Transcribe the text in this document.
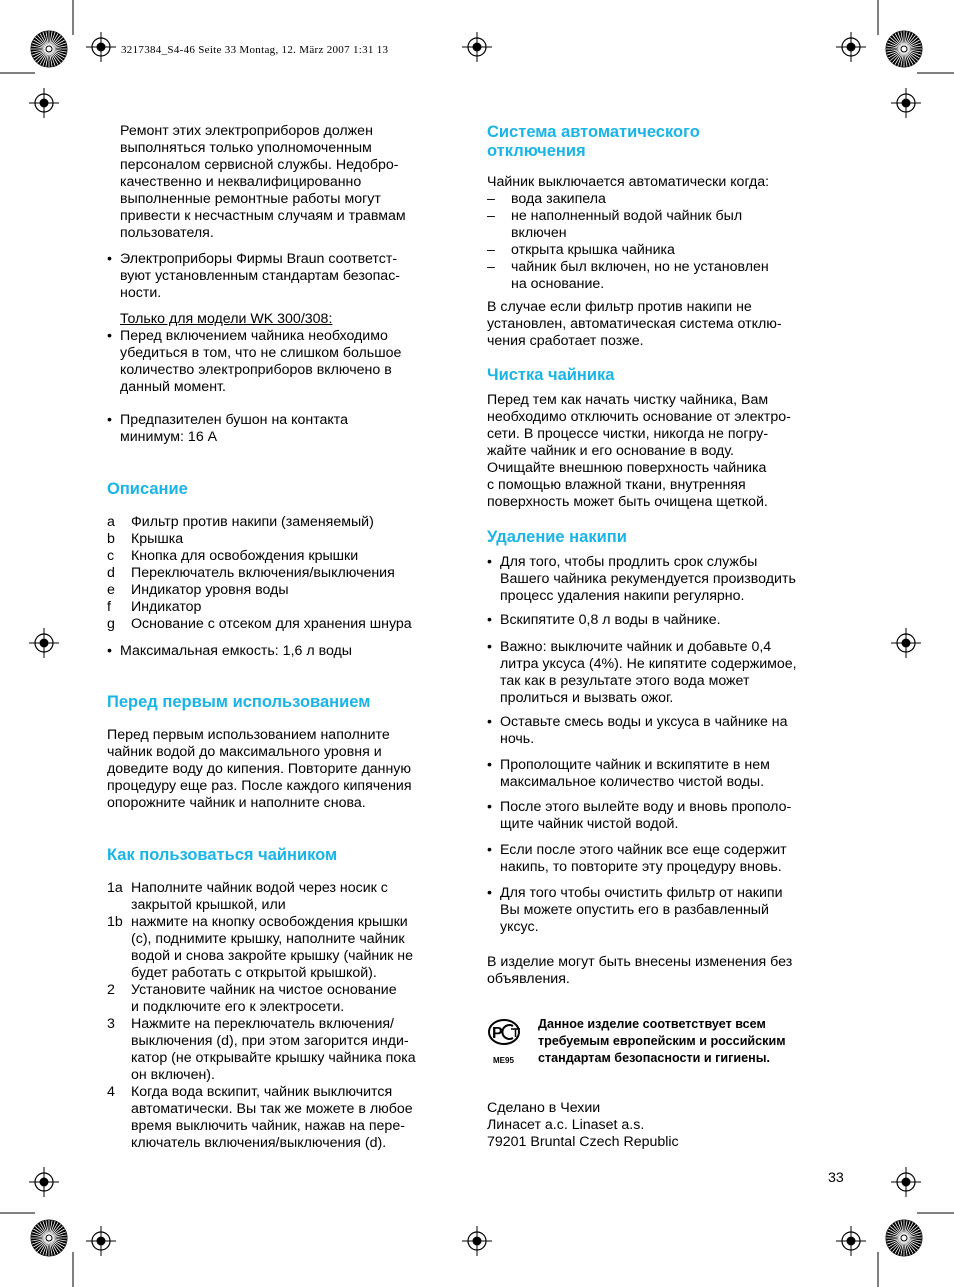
3217384_S4-46 Seite 33 Montag, 12. März 2007 1:31 13
Ремонт этих электроприборов должен
выполняться только уполномоченным
персоналом сервисной службы. Недобро-
качественно и неквалифицированно
выполненные ремонтные работы могут
привести к несчастным случаям и травмам
пользователя.
• Электроприборы Фирмы Braun соответст-
вуют установленным стандартам безопас-
ности.
Только для модели WK 300/308:
• Перед включением чайника необходимо
убедиться в том, что не слишком большое
количество электроприборов включено в
данный момент.
• Предпазителен бушон на контакта
минимум: 16 A
Описание
a Фильтр против накипи (заменяемый)
b Крышка
c Кнопка для освобождения крышки
d Переключатель включения/выключения
e Индикатор уровня воды
f Индикатор
g Основание с отсеком для хранения шнура
• Максимальная емкость: 1,6 л воды
Перед первым использованием
Перед первым использованием наполните
чайник водой до максимального уровня и
доведите воду до кипения. Повторите данную
процедуру еще раз. После каждого кипячения
опорожните чайник и наполните снова.
Как пользоваться чайником
1a Наполните чайник водой через носик с
закрытой крышкой, или
1b нажмите на кнопку освобождения крышки
(c), поднимите крышку, наполните чайник
водой и снова закройте крышку (чайник не
будет работать с открытой крышкой).
2 Установите чайник на чистое основание
и подключите его к электросети.
3 Нажмите на переключатель включения/
выключения (d), при этом загорится инди-
катор (не открывайте крышку чайника пока
он включен).
4 Когда вода вскипит, чайник выключится
автоматически. Вы так же можете в любое
время выключить чайник, нажав на пере-
ключатель включения/выключения (d).
Система автоматического
отключения
Чайник выключается автоматически когда:
– вода закипела
– не наполненный водой чайник был
включен
– открыта крышка чайника
– чайник был включен, но не установлен
на основание.
В случае если фильтр против накипи не
установлен, автоматическая система отклю-
чения сработает позже.
Чистка чайника
Перед тем как начать чистку чайника, Вам
необходимо отключить основание от электро-
сети. В процессе чистки, никогда не погру-
жайте чайник и его основание в воду.
Очищайте внешнюю поверхность чайника
с помощью влажной ткани, внутренняя
поверхность может быть очищена щеткой.
Удаление накипи
• Для того, чтобы продлить срок службы
Вашего чайника рекумендуется производить
процесс удаления накипи регулярно.
• Вскипятите 0,8 л воды в чайнике.
• Важно: выключите чайник и добавьте 0,4
литра уксуса (4%). Не кипятите содержимое,
так как в результате этого вода может
пролиться и вызвать ожог.
• Оставьте смесь воды и уксуса в чайнике на
ночь.
• Прополощите чайник и вскипятите в нем
максимальное количество чистой воды.
• После этого вылейте воду и вновь прополо-
щите чайник чистой водой.
• Если после этого чайник все еще содержит
накипь, то повторите эту процедуру вновь.
• Для того чтобы очистить фильтр от накипи
Вы можете опустить его в разбавленный
уксус.
В изделие могут быть внесены изменения без
объявления.
P
ME95
Данное изделие соответствует всем
требуемым европейским и российским
стандартам безопасности и гигиены.
Сделано в Чехии
Линасет а.с. Linaset a.s.
79201 Bruntal Czech Republic
33
